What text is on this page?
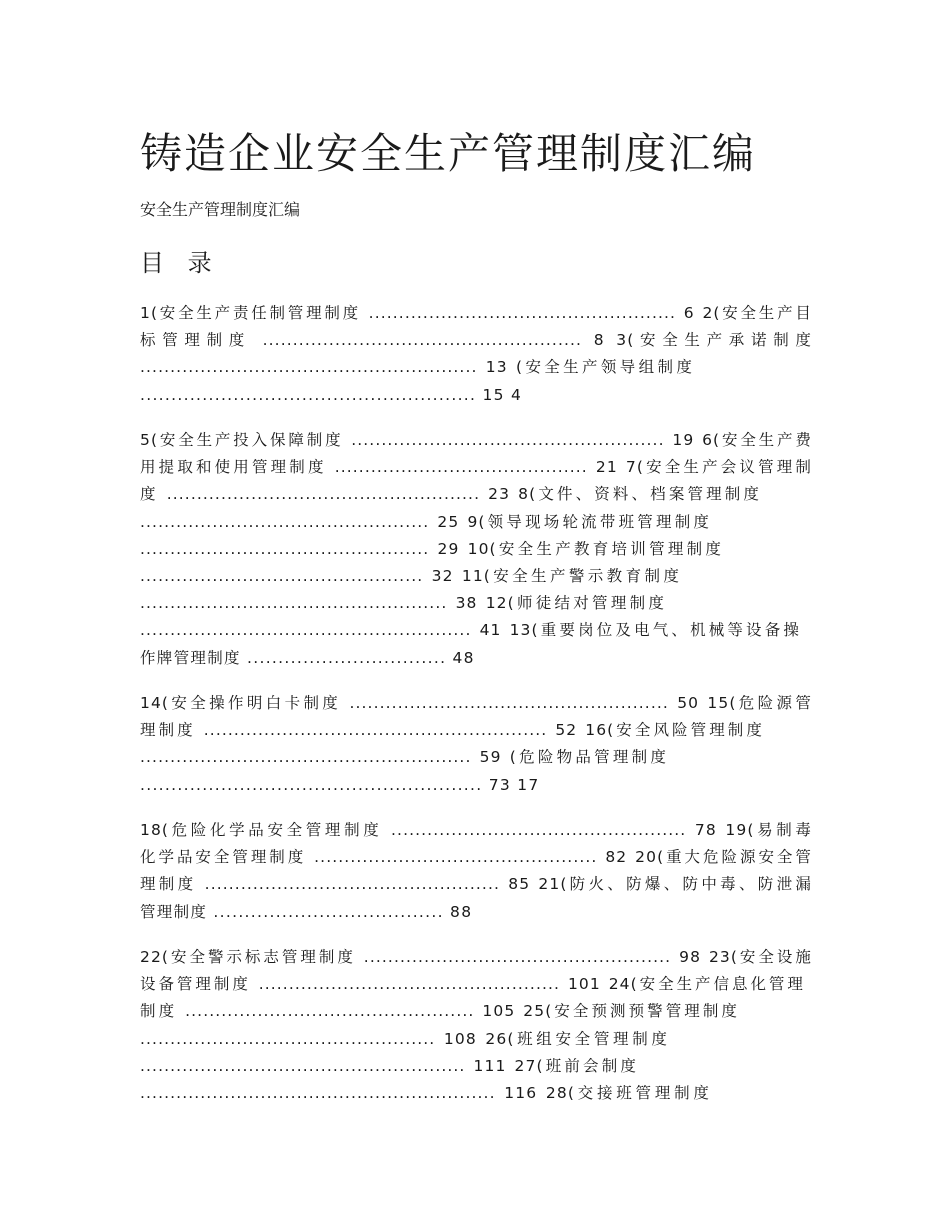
铸造企业安全生产管理制度汇编
安全生产管理制度汇编
目 录
1(安全生产责任制管理制度 ................................................... 6 2(安全生产目
标管理制度 ..................................................... 8 3(安全生产承诺制度
........................................................ 13 (安全生产领导组制度
...................................................... 15 4
5(安全生产投入保障制度 .................................................... 19 6(安全生产费
用提取和使用管理制度 .......................................... 21 7(安全生产会议管理制
度 .................................................... 23 8(文件、资料、档案管理制度
................................................ 25 9(领导现场轮流带班管理制度
................................................ 29 10(安全生产教育培训管理制度
............................................... 32 11(安全生产警示教育制度
................................................... 38 12(师徒结对管理制度
....................................................... 41 13(重要岗位及电气、机械等设备操
作牌管理制度 ................................ 48
14(安全操作明白卡制度 ..................................................... 50 15(危险源管
理制度 ......................................................... 52 16(安全风险管理制度
....................................................... 59 (危险物品管理制度
....................................................... 73 17
18(危险化学品安全管理制度 ................................................. 78 19(易制毒
化学品安全管理制度 ............................................... 82 20(重大危险源安全管
理制度 ................................................. 85 21(防火、防爆、防中毒、防泄漏
管理制度 ..................................... 88
22(安全警示标志管理制度 ................................................... 98 23(安全设施
设备管理制度 .................................................. 101 24(安全生产信息化管理
制度 ................................................ 105 25(安全预测预警管理制度
................................................. 108 26(班组安全管理制度
...................................................... 111 27(班前会制度
........................................................... 116 28(交接班管理制度
